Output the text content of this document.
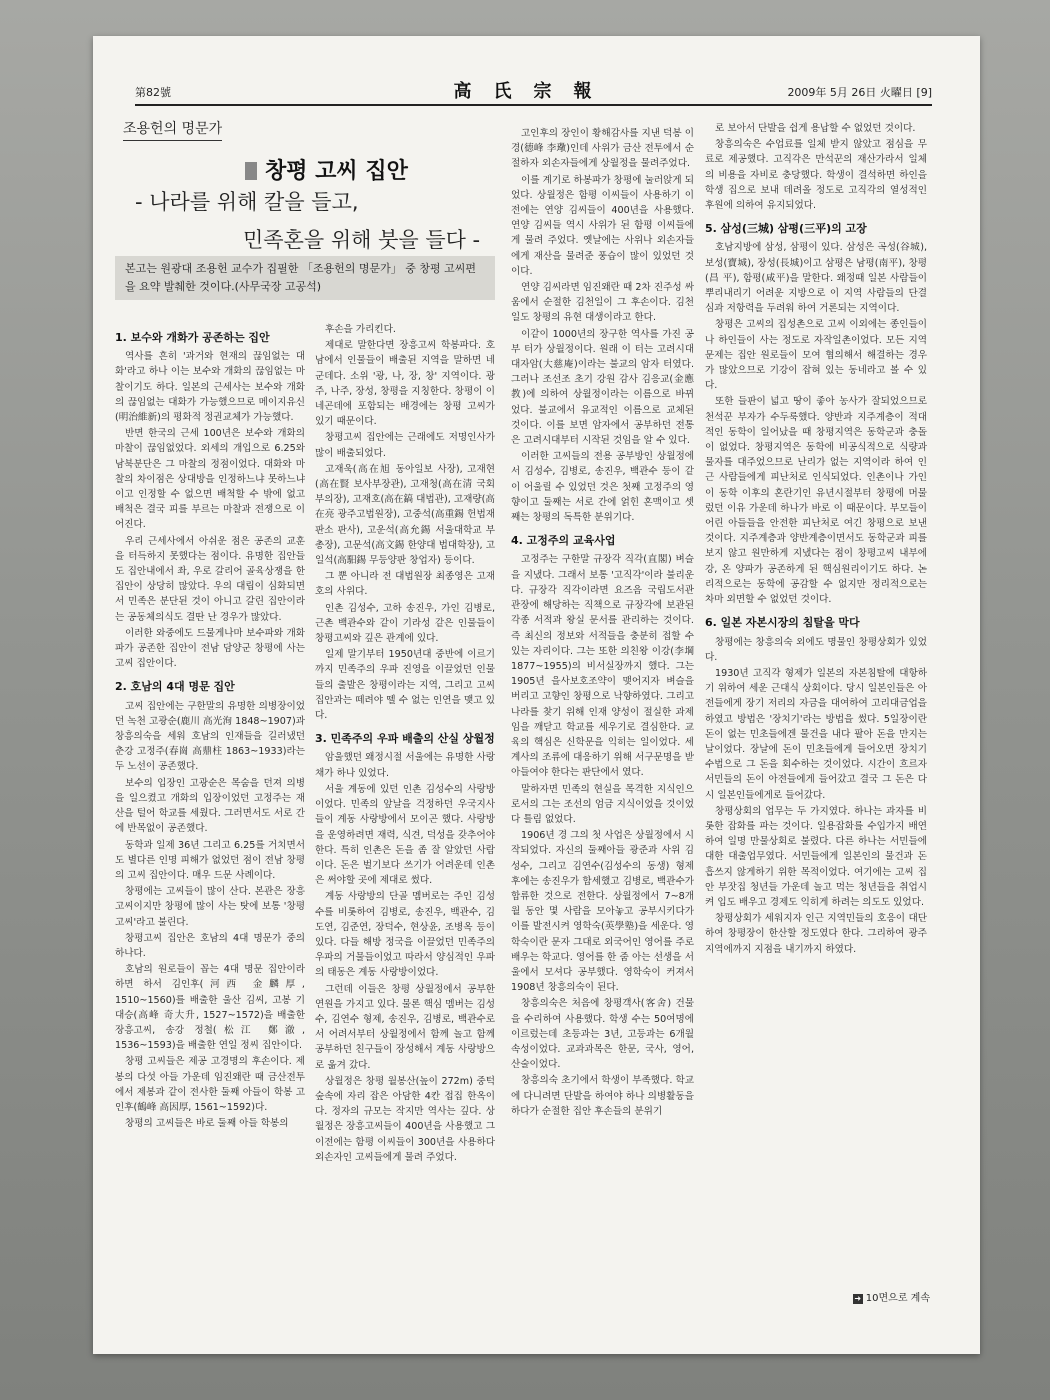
第82號	高氏宗報	2009年 5月 26日 火曜日 [9]
조용헌의 명문가
창평 고씨 집안
- 나라를 위해 칼을 들고,
민족혼을 위해 붓을 들다 -
본고는 원광대 조용헌 교수가 집필한 「조용헌의 명문가」 중 창평 고씨편을 요약 발췌한 것이다.(사무국장 고공석)
1. 보수와 개화가 공존하는 집안

역사를 흔히 '과거와 현재의 끊임없는 대화'라고 하나 이는 보수와 개화의 끊임없는 마찰이기도 하다. 일본의 근세사는 보수와 개화의 끊임없는 대화가 가능했으므로 메이지유신(明治維新)의 평화적 정권교체가 가능했다.

반면 한국의 근세 100년은 보수와 개화의 마찰이 끊임없었다. 외세의 개입으로 6.25와 남북분단은 그 마찰의 정점이었다. 대화와 마찰의 차이점은 상대방을 인정하느냐 못하느냐 이고 인정할 수 없으면 배척할 수 밖에 없고 배척은 결국 피를 부르는 마찰과 전쟁으로 이어진다.

우리 근세사에서 아쉬운 점은 공존의 교훈을 터득하지 못했다는 점이다. 유명한 집안들도 집안내에서 좌, 우로 갈리어 골육상쟁을 한 집안이 상당히 많았다. 우의 대립이 심화되면서 민족은 분단된 것이 아니고 갈린 집안이라는 공동체의식도 결딴 난 경우가 많았다.

이러한 와중에도 드물게나마 보수파와 개화파가 공존한 집안이 전남 담양군 창평에 사는 고씨 집안이다.

2. 호남의 4대 명문 집안

고씨 집안에는 구한말의 유명한 의병장이었던 녹천 고광순(鹿川 高光洵 1848~1907)과 창흥의숙을 세워 호남의 인재들을 길러냈던 춘강 고정주(春崗 高鼎柱 1863~1933)라는 두 노선이 공존했다.

보수의 입장인 고광순은 목숨을 던져 의병을 일으켰고 개화의 입장이었던 고정주는 재산을 털어 학교를 세웠다. 그러면서도 서로 간에 반목없이 공존했다.

동학과 일제 36년 그리고 6.25를 거치면서도 별다른 인명 피해가 없었던 점이 전남 창평의 고씨 집안이다. 매우 드문 사례이다.

창평에는 고씨들이 많이 산다. 본관은 장흥고씨이지만 창평에 많이 사는 탓에 보통 '창평고씨'라고 불린다.

창평고씨 집안은 호남의 4대 명문가 중의 하나다.

호남의 원로들이 꼽는 4대 명문 집안이라 하면 하서 김인후(河西 金麟厚, 1510~1560)를 배출한 울산 김씨, 고봉 기대승(高峰 奇大升, 1527~1572)을 배출한 장흥고씨, 송강 정철(松江 鄭澈, 1536~1593)을 배출한 연일 정씨 집안이다.

창평 고씨들은 제공 고경명의 후손이다. 제봉의 다섯 아들 가운데 임진왜란 때 금산전투에서 제봉과 같이 전사한 둘째 아들이 학봉 고인후(鶴峰 高因厚, 1561~1592)다.

창평의 고씨들은 바로 둘째 아들 학봉의

후손을 가리킨다.

제대로 말한다면 장흥고씨 학봉파다. 호남에서 인물들이 배출된 지역을 말하면 네 군데다. 소위 '광, 나, 장, 창' 지역이다. 광주, 나주, 장성, 창평을 지칭한다. 창평이 이 네곤데에 포함되는 배경에는 창평 고씨가 있기 때문이다.

창평고씨 집안에는 근래에도 저명인사가 많이 배출되었다.

고재욱(高在旭 동아일보 사장), 고재현(高在賢 보사부장관), 고재청(高在清 국회부의장), 고재호(高在鎬 대법관), 고재량(高在亮 광주고법원장), 고중석(高重錫 헌법재판소 판사), 고운석(高允錫 서울대학교 부총장), 고문석(高文錫 한양대 법대학장), 고일석(高馹錫 무등양판 창업자) 등이다.

그 뿐 아니라 전 대법원장 최종영은 고재호의 사위다.

인촌 김성수, 고하 송진우, 가인 김병로, 근촌 백관수와 같이 기라성 같은 인물들이 창평고씨와 깊은 관계에 있다.

일제 말기부터 1950년대 중반에 이르기까지 민족주의 우파 진영을 이끌었던 인물들의 출발은 창평이라는 지역, 그리고 고씨 집안과는 떼려야 뗄 수 없는 인연을 맺고 있다.

3. 민족주의 우파 배출의 산실 상월정

암울했던 왜정시절 서울에는 유명한 사랑채가 하나 있었다.

서울 계동에 있던 인촌 김성수의 사랑방이었다. 민족의 앞날을 걱정하던 우국지사들이 계동 사랑방에서 모이곤 했다. 사랑방을 운영하려면 재력, 식견, 덕성을 갖추어야 한다. 특히 인촌은 돈을 좀 잘 알았던 사람이다. 돈은 벌기보다 쓰기가 어려운데 인촌은 써야할 곳에 제대로 썼다.

계동 사랑방의 단골 멤버로는 주인 김성수를 비롯하여 김병로, 송진우, 백관수, 김도연, 김준연, 장덕수, 현상윤, 조병옥 등이 있다. 다들 해방 정국을 이끌었던 민족주의 우파의 거물들이었고 따라서 양심적인 우파의 태동은 계동 사랑방이었다.

그런데 이들은 창평 상월정에서 공부한 연원을 가지고 있다. 물론 핵심 멤버는 김성수, 김연수 형제, 송진우, 김병로, 백관수로서 어려서부터 상월정에서 함께 놀고 함께 공부하던 친구들이 장성해서 계동 사랑방으로 옮겨 갔다.

상월정은 창평 월봉산(높이 272m) 중턱 숲속에 자리 잡은 아담한 4칸 접집 한옥이다. 정자의 규모는 작지만 역사는 깊다. 상월정은 장흥고씨들이 400년을 사용했고 그 이전에는 함평 이씨들이 300년을 사용하다 외손자인 고씨들에게 물려 주었다.

고인후의 장인이 황해감사를 지낸 덕봉 이경(德峰 李璥)인데 사위가 금산 전투에서 순절하자 외손자들에게 상월정을 물려주었다.

이를 계기로 하봉파가 창평에 눌러앉게 되었다. 상월정은 함평 이씨들이 사용하기 이전에는 연양 김씨들이 400년을 사용했다. 연양 김씨들 역시 사위가 된 함평 이씨들에게 물려 주었다. 옛날에는 사위나 외손자들에게 재산을 물려준 풍습이 많이 있었던 것이다.

연양 김씨라면 임진왜란 때 2차 진주성 싸움에서 순절한 김천일이 그 후손이다. 김천일도 창평의 유현 대생이라고 한다.

이같이 1000년의 장구한 역사를 가진 공부 터가 상월정이다. 원래 이 터는 고려시대 대자암(大慈庵)이라는 불교의 암자 터였다. 그러나 조선조 초기 강원 감사 김응교(金應教)에 의하여 상월정이라는 이름으로 바뀌었다. 불교에서 유교적인 이름으로 교체된 것이다. 이를 보면 암자에서 공부하던 전통은 고려시대부터 시작된 것임을 알 수 있다.

이러한 고씨들의 전용 공부방인 상월정에서 김성수, 김병로, 송진우, 백관수 등이 같이 어울릴 수 있었던 것은 첫째 고정주의 영향이고 둘째는 서로 간에 얽힌 혼맥이고 셋째는 창평의 독특한 분위기다.

4. 고정주의 교육사업

고정주는 구한말 규장각 직각(直閣) 벼슬을 지냈다. 그래서 보통 '고직각'이라 불리운다. 규장각 직각이라면 요즈음 국립도서관 관장에 해당하는 직책으로 규장각에 보관된 각종 서적과 왕실 문서를 관리하는 것이다. 즉 최신의 정보와 서적들을 충분히 접할 수 있는 자리이다. 그는 또한 의친왕 이강(李堈 1877~1955)의 비서실장까지 했다. 그는 1905년 을사보호조약이 맺어지자 벼슬을 버리고 고향인 창평으로 낙향하였다. 그리고 나라를 찾기 위해 인재 양성이 절실한 과제임을 깨닫고 학교를 세우기로 결심한다. 교육의 핵심은 신학문을 익히는 일이었다. 세계사의 조류에 대응하기 위해 서구문명을 받아들여야 한다는 판단에서 였다.

말하자면 민족의 현실을 목격한 지식인으로서의 그는 조선의 엄금 지식이었을 것이었다 틀림 없었다.

1906년 경 그의 첫 사업은 상월정에서 시작되었다. 자신의 둘째아들 광준과 사위 김성수, 그리고 김연수(김성수의 동생) 형제 후에는 송진우가 합세했고 김병로, 백관수가 합류한 것으로 전한다. 상월정에서 7~8개월 동안 몇 사람을 모아놓고 공부시키다가 이를 발전시켜 영학숙(英學塾)을 세운다. 영학숙이란 문자 그대로 외국어인 영어를 주로 배우는 학교다. 영어를 한 줌 아는 선생을 서울에서 모셔다 공부했다. 영학숙이 커져서 1908년 창흥의숙이 된다.

창흥의숙은 처음에 창평객사(客舍) 건물을 수리하여 사용했다. 학생 수는 50여명에 이르렀는데 초등과는 3년, 고등과는 6개월 속성이었다. 교과과목은 한문, 국사, 영어, 산술이었다.

창흥의숙 초기에서 학생이 부족했다. 학교에 다니려면 단발을 하여야 하나 의병활동을 하다가 순절한 집안 후손들의 분위기

로 보아서 단발을 쉽게 용납할 수 없었던 것이다.

창흥의숙은 수업료를 일체 받지 않았고 점심을 무료로 제공했다. 고직각은 만석꾼의 재산가라서 일체의 비용을 자비로 충당했다. 학생이 결석하면 하인을 학생 집으로 보내 데려올 정도로 고직각의 열성적인 후원에 의하여 유지되었다.

5. 삼성(三城) 삼평(三平)의 고장

호남지방에 삼성, 삼평이 있다. 삼성은 곡성(谷城), 보성(寶城), 장성(長城)이고 삼평은 남평(南平), 창평(昌 平), 함평(咸平)을 말한다. 왜정때 일본 사람들이 뿌리내리기 어려운 지방으로 이 지역 사람들의 단결심과 저항력을 두려워 하여 거론되는 지역이다.

창평은 고씨의 집성촌으로 고씨 이외에는 종인들이나 하인들이 사는 정도로 자작일촌이었다. 모든 지역 문제는 집안 원로들이 모여 협의해서 해결하는 경우가 많았으므로 기강이 잡혀 있는 동네라고 볼 수 있다.

또한 들판이 넓고 땅이 좋아 농사가 잘되었으므로 천석꾼 부자가 수두룩했다. 양반과 지주계층이 적대적인 동학이 일어났을 때 창평지역은 동학군과 충돌이 없었다. 창평지역은 동학에 비공식적으로 식량과 물자를 대주었으므로 난리가 없는 지역이라 하여 인근 사람들에게 피난처로 인식되었다. 인촌이나 가인이 동학 이후의 혼란기인 유년시절부터 창평에 머물렀던 이유 가운데 하나가 바로 이 때문이다. 부모들이 어린 아들들을 안전한 피난처로 여긴 창평으로 보낸 것이다. 지주계층과 양반계층이면서도 동학군과 피를 보지 않고 원만하게 지냈다는 점이 창평고씨 내부에 강, 온 양파가 공존하게 된 핵심원리이기도 하다. 논리적으로는 동학에 공감할 수 없지만 정리적으로는 차마 외면할 수 없었던 것이다.

6. 일본 자본시장의 침탈을 막다

창평에는 창흥의숙 외에도 명물인 창평상회가 있었다.

1930년 고직각 형제가 일본의 자본침탈에 대항하기 위하여 세운 근대식 상회이다. 당시 일본인들은 아전들에게 장기 저리의 자금을 대여하여 고리대금업을 하였고 방법은 '장치기'라는 방법을 썼다. 5일장이란 돈이 없는 민초들에겐 물건을 내다 팔아 돈을 만지는 날이었다. 장날에 돈이 민초들에게 들어오면 장치기 수법으로 그 돈을 회수하는 것이었다. 시간이 흐르자 서민들의 돈이 아전들에게 들어갔고 결국 그 돈은 다시 일본인들에게로 들어갔다.

창평상회의 업무는 두 가지였다. 하나는 과자를 비롯한 잡화를 파는 것이다. 일용잡화를 수입가지 배연하여 일명 만물상회로 불렸다. 다른 하나는 서민들에 대한 대출업무였다. 서민들에게 일본인의 물건과 돈 흡쓰지 않게하기 위한 목적이었다. 여기에는 고씨 집안 부잣집 청년들 가운데 놀고 먹는 청년들을 취업시켜 입도 배우고 경제도 익히게 하려는 의도도 있었다.

창평상회가 세워지자 인근 지역민들의 호응이 대단하여 창평장이 한산할 정도였다 한다. 그리하여 광주지역에까지 지점을 내기까지 하였다.

➜ 10면으로 계속
